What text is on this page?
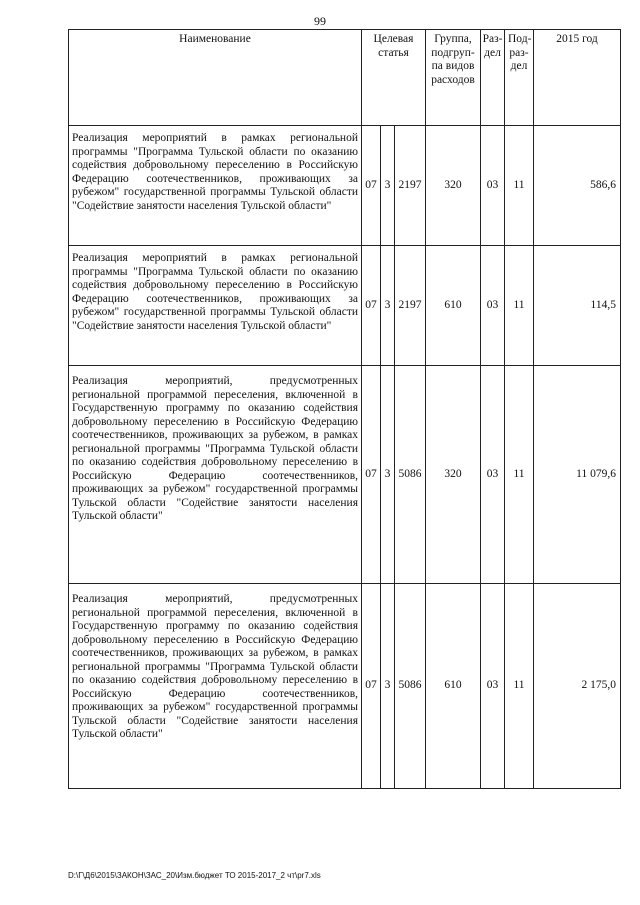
99
Наименование	Целевая статья			Группа, подгруп- па видов расходов	Раз- дел	Под- раз- дел	2015 год
Реализация мероприятий в рамках региональной программы "Программа Тульской области по оказанию содействия добровольному переселению в Российскую Федерацию соотечественников, проживающих за рубежом" государственной программы Тульской области "Содействие занятости населения Тульской области"	07	3	2197	320	03	11	586,6
Реализация мероприятий в рамках региональной программы "Программа Тульской области по оказанию содействия добровольному переселению в Российскую Федерацию соотечественников, проживающих за рубежом" государственной программы Тульской области "Содействие занятости населения Тульской области"	07	3	2197	610	03	11	114,5
Реализация мероприятий, предусмотренных региональной программой переселения, включенной в Государственную программу по оказанию содействия добровольному переселению в Российскую Федерацию соотечественников, проживающих за рубежом, в рамках региональной программы "Программа Тульской области по оказанию содействия добровольному переселению в Российскую Федерацию соотечественников, проживающих за рубежом" государственной программы Тульской области "Содействие занятости населения Тульской области"	07	3	5086	320	03	11	11 079,6
Реализация мероприятий, предусмотренных региональной программой переселения, включенной в Государственную программу по оказанию содействия добровольному переселению в Российскую Федерацию соотечественников, проживающих за рубежом, в рамках региональной программы "Программа Тульской области по оказанию содействия добровольному переселению в Российскую Федерацию соотечественников, проживающих за рубежом" государственной программы Тульской области "Содействие занятости населения Тульской области"	07	3	5086	610	03	11	2 175,0
D:\Г\Д6\2015\ЗАКОН\ЗАС_20\Изм.бюджет ТО 2015-2017_2 чт\pr7.xls
